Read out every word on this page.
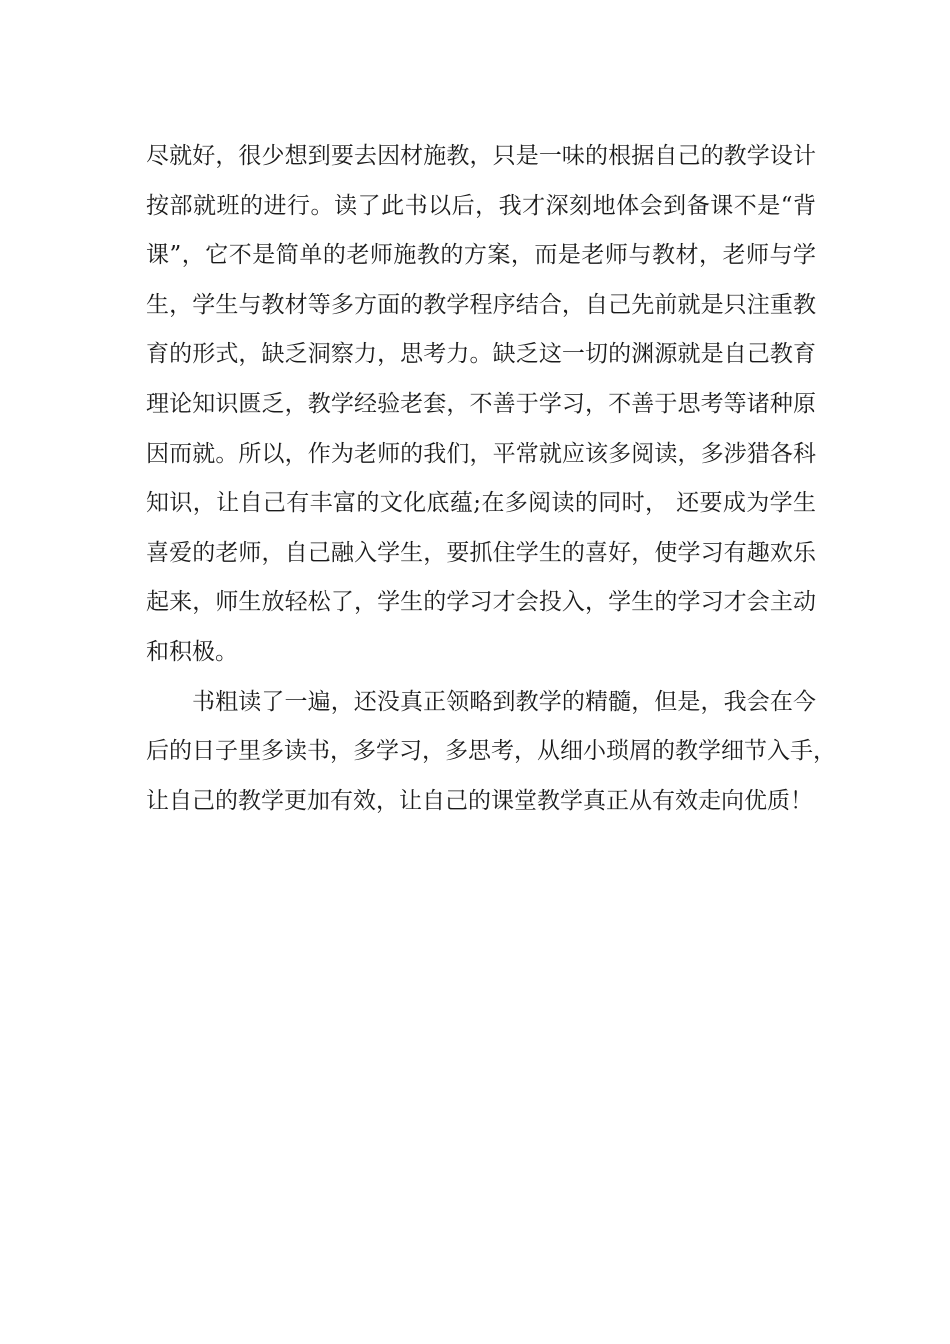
尽就好，很少想到要去因材施教，只是一味的根据自己的教学设计
按部就班的进行。读了此书以后，我才深刻地体会到备课不是“背
课”，它不是简单的老师施教的方案，而是老师与教材，老师与学
生，学生与教材等多方面的教学程序结合，自己先前就是只注重教
育的形式，缺乏洞察力，思考力。缺乏这一切的渊源就是自己教育
理论知识匮乏，教学经验老套，不善于学习，不善于思考等诸种原
因而就。所以，作为老师的我们，平常就应该多阅读，多涉猎各科
知识，让自己有丰富的文化底蕴;在多阅读的同时， 还要成为学生
喜爱的老师，自己融入学生，要抓住学生的喜好，使学习有趣欢乐
起来，师生放轻松了，学生的学习才会投入，学生的学习才会主动
和积极。
书粗读了一遍，还没真正领略到教学的精髓，但是，我会在今
后的日子里多读书，多学习，多思考，从细小琐屑的教学细节入手，
让自己的教学更加有效，让自己的课堂教学真正从有效走向优质！
